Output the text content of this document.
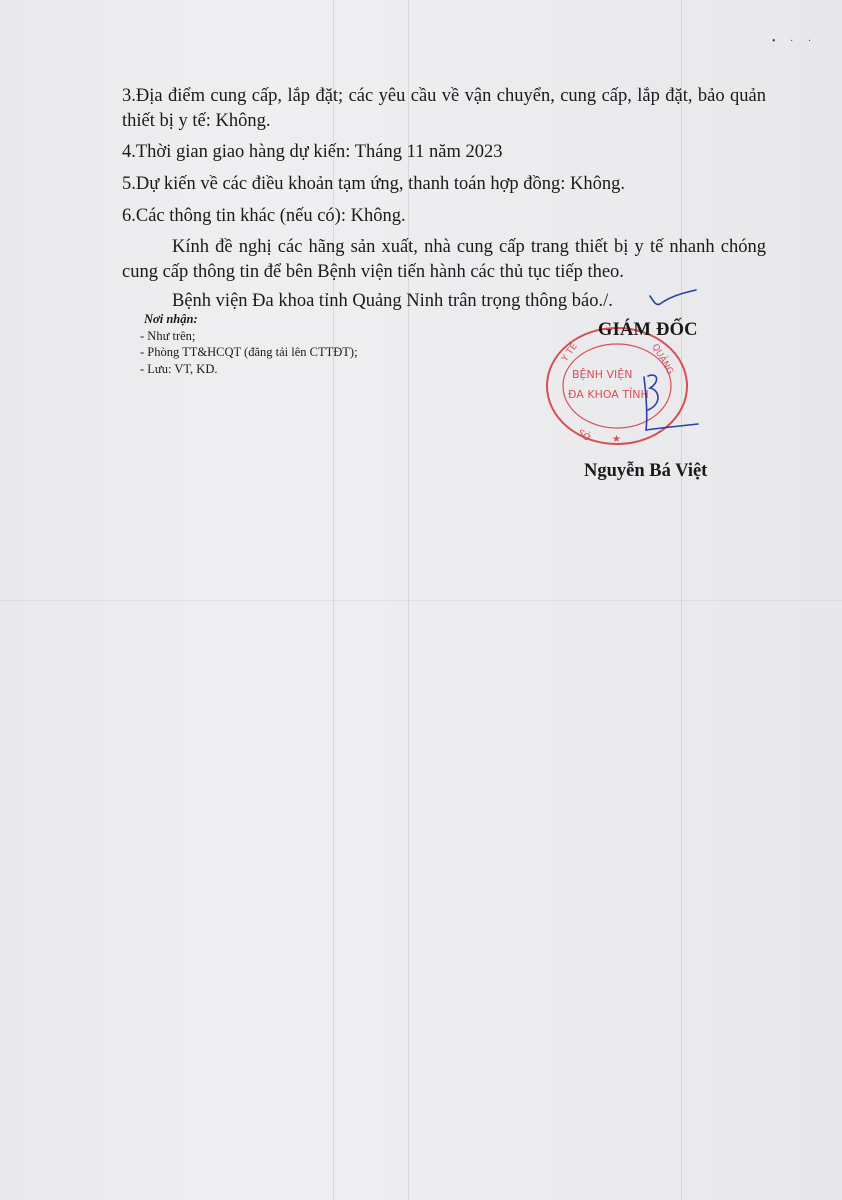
• · ·

3.Địa điểm cung cấp, lắp đặt; các yêu cầu về vận chuyển, cung cấp, lắp đặt, bảo quản thiết bị y tế: Không.

4.Thời gian giao hàng dự kiến: Tháng 11 năm 2023

5.Dự kiến về các điều khoản tạm ứng, thanh toán hợp đồng: Không.

6.Các thông tin khác (nếu có): Không.

Kính đề nghị các hãng sản xuất, nhà cung cấp trang thiết bị y tế nhanh chóng cung cấp thông tin để bên Bệnh viện tiến hành các thủ tục tiếp theo.

Bệnh viện Đa khoa tỉnh Quảng Ninh trân trọng thông báo./.

Nơi nhận:
- Như trên;
- Phòng TT&HCQT (đăng tải lên CTTĐT);
- Lưu: VT, KD.
Y TẾ	QUẢNG
SỞ
BỆNH VIỆN
ĐA KHOA TỈNH
★
GIÁM ĐỐC
Nguyễn Bá Việt
